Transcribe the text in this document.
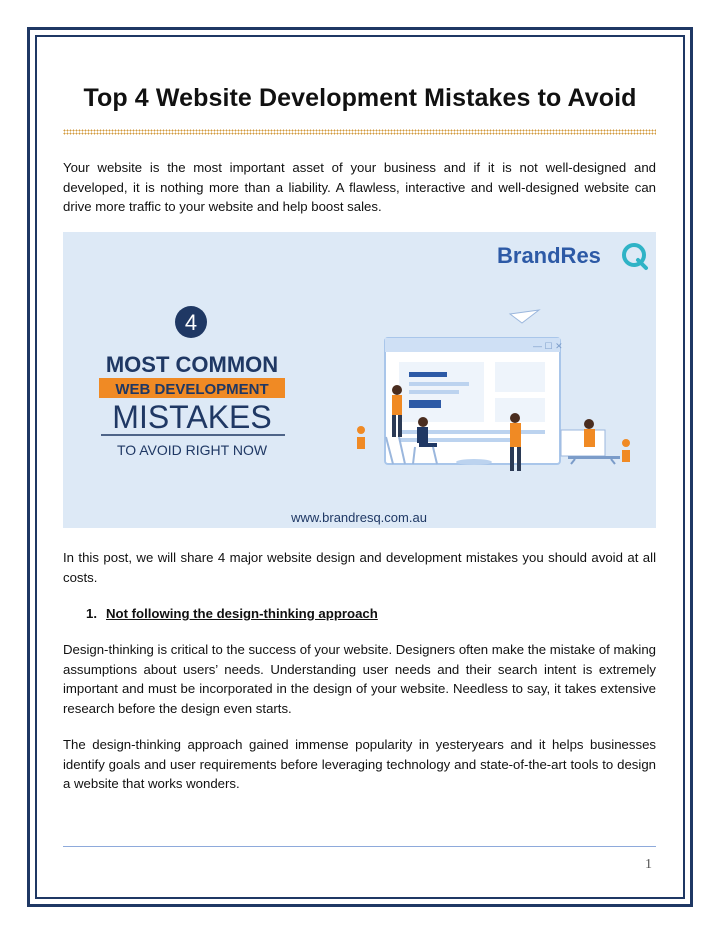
Top 4 Website Development Mistakes to Avoid
Your website is the most important asset of your business and if it is not well-designed and developed, it is nothing more than a liability. A flawless, interactive and well-designed website can drive more traffic to your website and help boost sales.
BrandRes
4
MOST COMMON
WEB DEVELOPMENT
MISTAKES
TO AVOID RIGHT NOW
— ☐ ✕
www.brandresq.com.au
In this post, we will share 4 major website design and development mistakes you should avoid at all costs.
1. Not following the design-thinking approach
Design-thinking is critical to the success of your website. Designers often make the mistake of making assumptions about users’ needs. Understanding user needs and their search intent is extremely important and must be incorporated in the design of your website. Needless to say, it takes extensive research before the design even starts.
The design-thinking approach gained immense popularity in yesteryears and it helps businesses identify goals and user requirements before leveraging technology and state-of-the-art tools to design a website that works wonders.
1
